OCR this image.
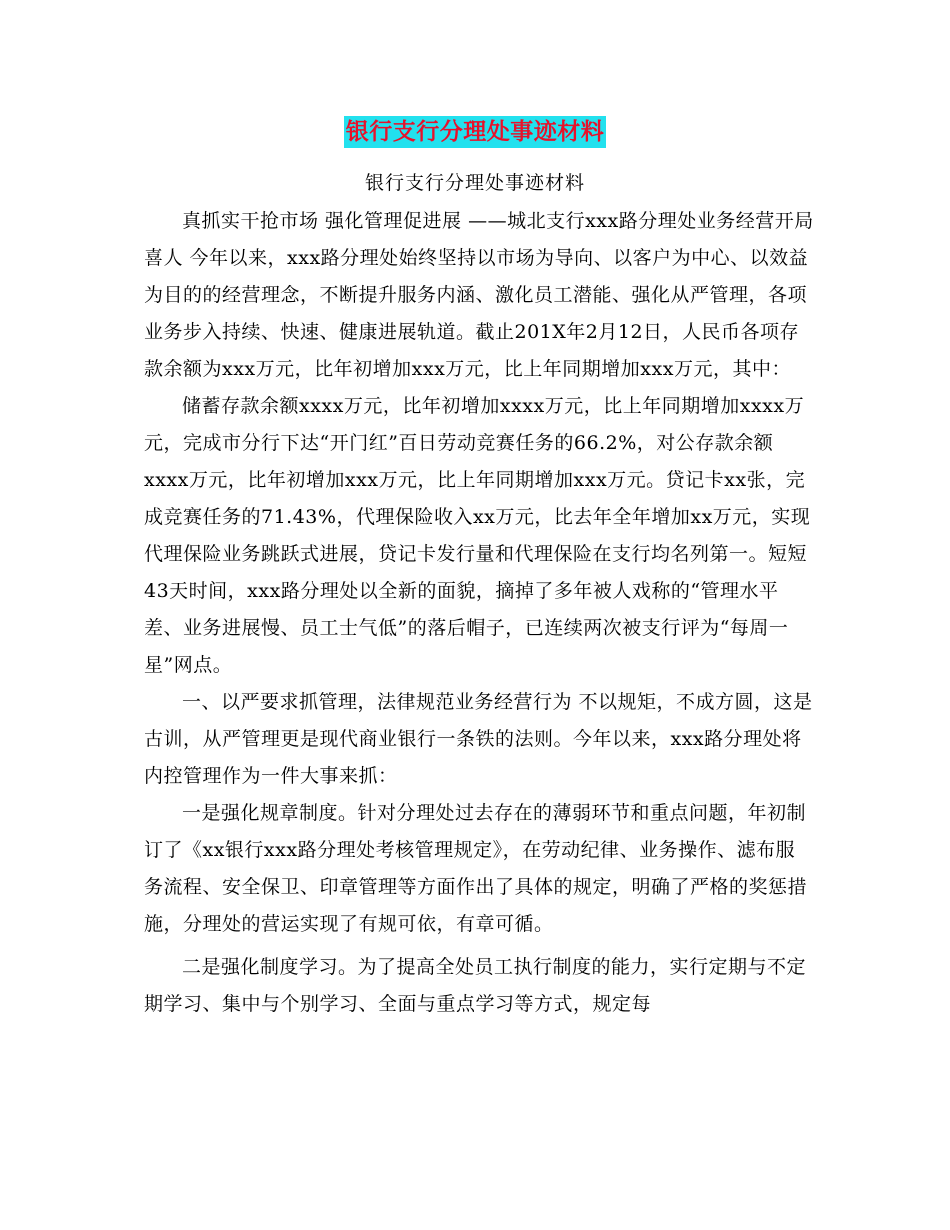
银行支行分理处事迹材料
银行支行分理处事迹材料

真抓实干抢市场 强化管理促进展 ——城北支行xxx路分理处业务经营开局喜人 今年以来，xxx路分理处始终坚持以市场为导向、以客户为中心、以效益为目的的经营理念，不断提升服务内涵、激化员工潜能、强化从严管理，各项业务步入持续、快速、健康进展轨道。截止201X年2月12日，人民币各项存款余额为xxx万元，比年初增加xxx万元，比上年同期增加xxx万元，其中：

储蓄存款余额xxxx万元，比年初增加xxxx万元，比上年同期增加xxxx万元，完成市分行下达“开门红”百日劳动竞赛任务的66.2%，对公存款余额xxxx万元，比年初增加xxx万元，比上年同期增加xxx万元。贷记卡xx张，完成竞赛任务的71.43%，代理保险收入xx万元，比去年全年增加xx万元，实现代理保险业务跳跃式进展，贷记卡发行量和代理保险在支行均名列第一。短短43天时间，xxx路分理处以全新的面貌，摘掉了多年被人戏称的“管理水平差、业务进展慢、员工士气低”的落后帽子，已连续两次被支行评为“每周一星”网点。

一、以严要求抓管理，法律规范业务经营行为 不以规矩，不成方圆，这是古训，从严管理更是现代商业银行一条铁的法则。今年以来，xxx路分理处将内控管理作为一件大事来抓：

一是强化规章制度。针对分理处过去存在的薄弱环节和重点问题，年初制订了《xx银行xxx路分理处考核管理规定》，在劳动纪律、业务操作、滤布服务流程、安全保卫、印章管理等方面作出了具体的规定，明确了严格的奖惩措施，分理处的营运实现了有规可依，有章可循。

二是强化制度学习。为了提高全处员工执行制度的能力，实行定期与不定期学习、集中与个别学习、全面与重点学习等方式，规定每
